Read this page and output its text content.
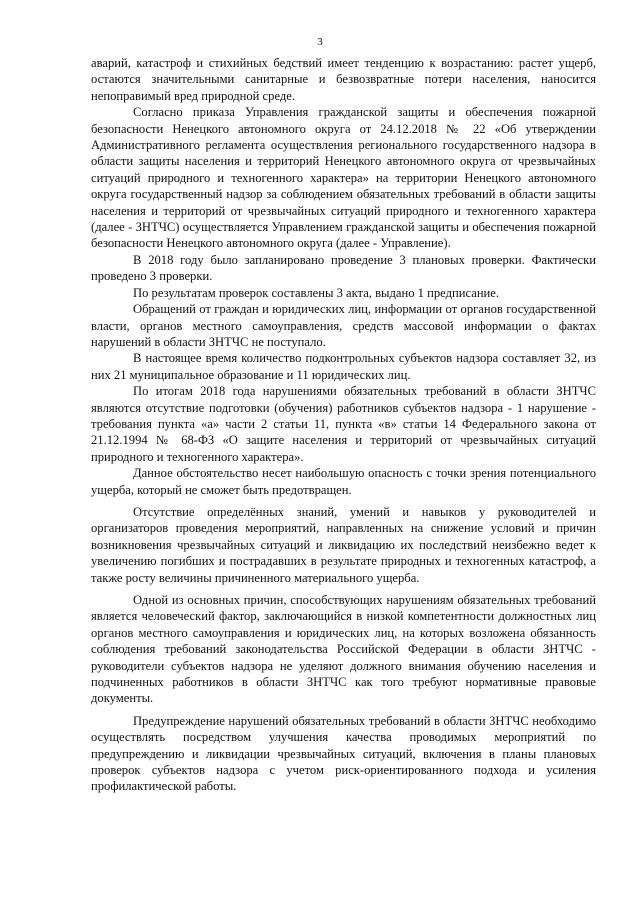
3

аварий, катастроф и стихийных бедствий имеет тенденцию к возрастанию: растет ущерб, остаются значительными санитарные и безвозвратные потери населения, наносится непоправимый вред природной среде.

Согласно приказа Управления гражданской защиты и обеспечения пожарной безопасности Ненецкого автономного округа от 24.12.2018 № 22 «Об утверждении Административного регламента осуществления регионального государственного надзора в области защиты населения и территорий Ненецкого автономного округа от чрезвычайных ситуаций природного и техногенного характера» на территории Ненецкого автономного округа государственный надзор за соблюдением обязательных требований в области защиты населения и территорий от чрезвычайных ситуаций природного и техногенного характера (далее - ЗНТЧС) осуществляется Управлением гражданской защиты и обеспечения пожарной безопасности Ненецкого автономного округа (далее - Управление).

В 2018 году было запланировано проведение 3 плановых проверки. Фактически проведено 3 проверки.

По результатам проверок составлены 3 акта, выдано 1 предписание.

Обращений от граждан и юридических лиц, информации от органов государственной власти, органов местного самоуправления, средств массовой информации о фактах нарушений в области ЗНТЧС не поступало.

В настоящее время количество подконтрольных субъектов надзора составляет 32, из них 21 муниципальное образование и 11 юридических лиц.

По итогам 2018 года нарушениями обязательных требований в области ЗНТЧС являются отсутствие подготовки (обучения) работников субъектов надзора - 1 нарушение - требования пункта «а» части 2 статьи 11, пункта «в» статьи 14 Федерального закона от 21.12.1994 № 68-ФЗ «О защите населения и территорий от чрезвычайных ситуаций природного и техногенного характера».

Данное обстоятельство несет наибольшую опасность с точки зрения потенциального ущерба, который не сможет быть предотвращен.

Отсутствие определённых знаний, умений и навыков у руководителей и организаторов проведения мероприятий, направленных на снижение условий и причин возникновения чрезвычайных ситуаций и ликвидацию их последствий неизбежно ведет к увеличению погибших и пострадавших в результате природных и техногенных катастроф, а также росту величины причиненного материального ущерба.

Одной из основных причин, способствующих нарушениям обязательных требований является человеческий фактор, заключающийся в низкой компетентности должностных лиц органов местного самоуправления и юридических лиц, на которых возложена обязанность соблюдения требований законодательства Российской Федерации в области ЗНТЧС - руководители субъектов надзора не уделяют должного внимания обучению населения и подчиненных работников в области ЗНТЧС как того требуют нормативные правовые документы.

Предупреждение нарушений обязательных требований в области ЗНТЧС необходимо осуществлять посредством улучшения качества проводимых мероприятий по предупреждению и ликвидации чрезвычайных ситуаций, включения в планы плановых проверок субъектов надзора с учетом риск-ориентированного подхода и усиления профилактической работы.
